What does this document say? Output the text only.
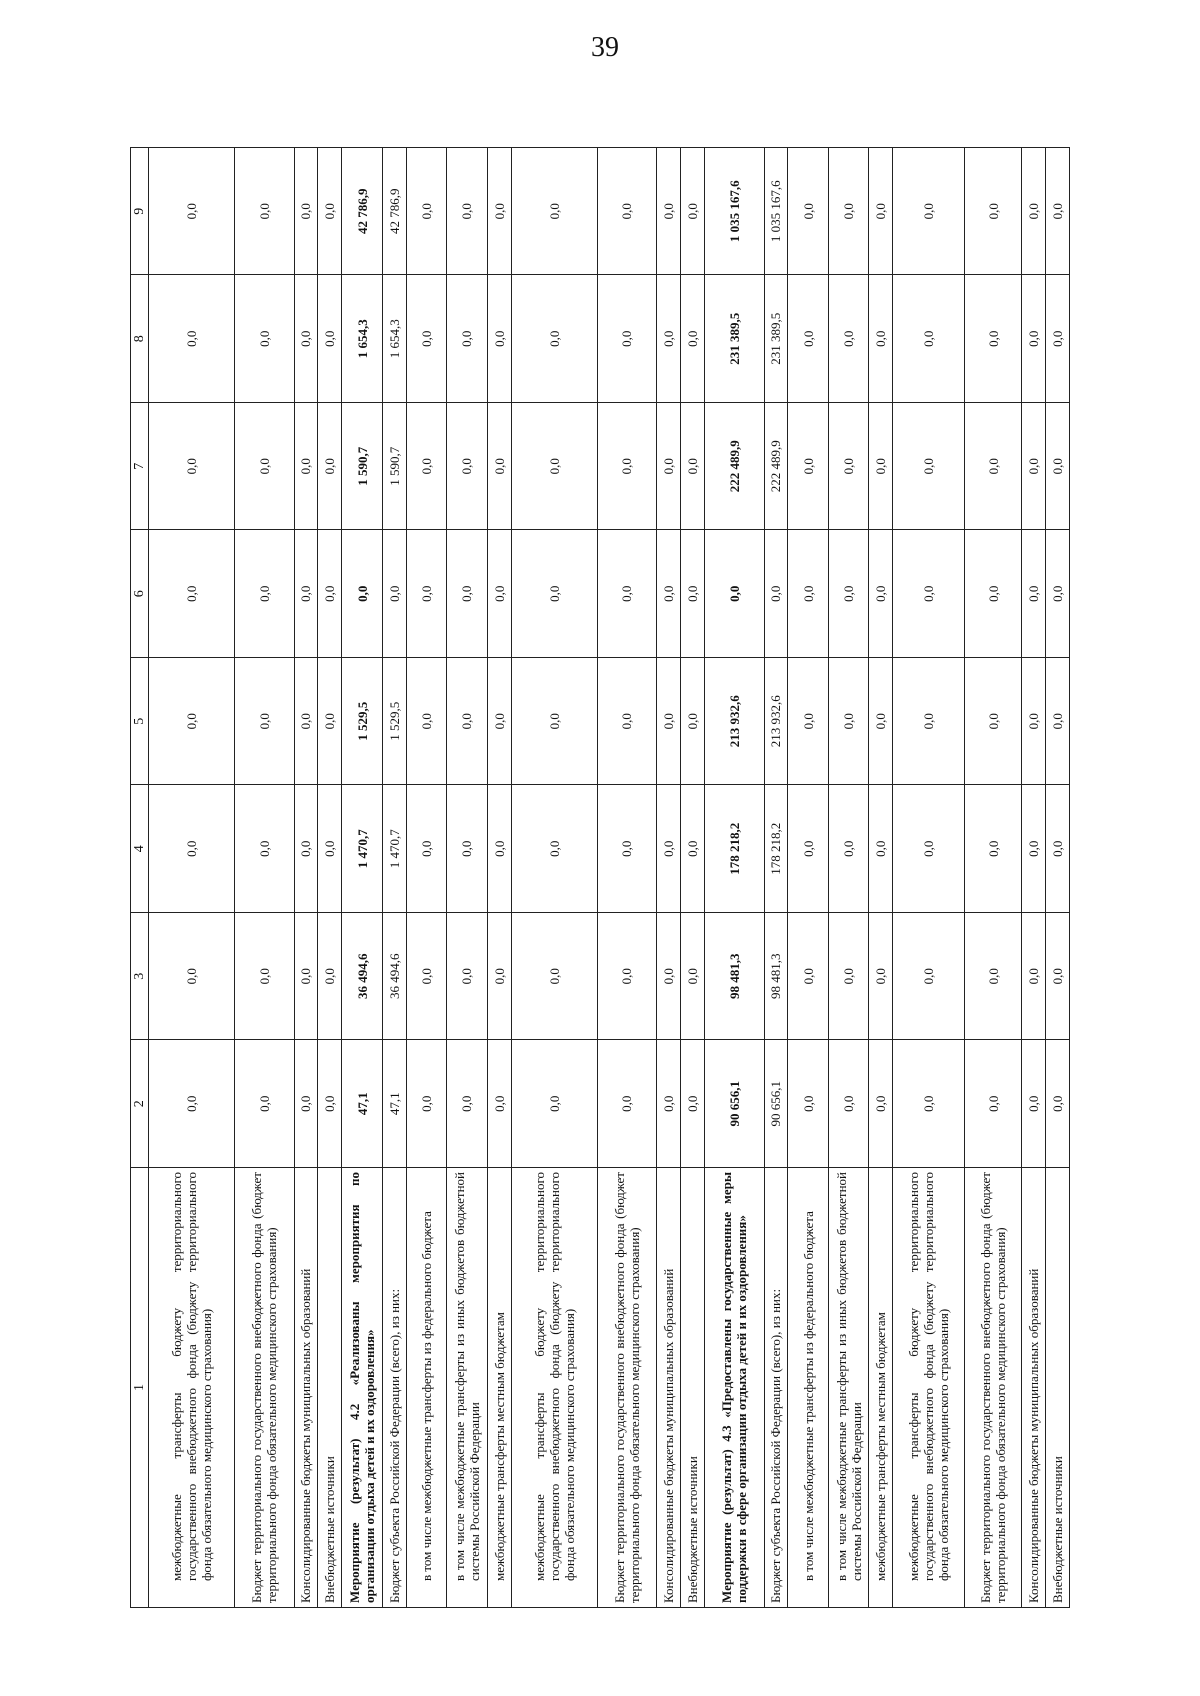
39
1	2	3	4	5	6	7	8	9
межбюджетные трансферты бюджету территориального государственного внебюджетного фонда (бюджету территориального фонда обязательного медицинского страхования)	0,0	0,0	0,0	0,0	0,0	0,0	0,0	0,0
Бюджет территориального государственного внебюджетного фонда (бюджет территориального фонда обязательного медицинского страхования)	0,0	0,0	0,0	0,0	0,0	0,0	0,0	0,0
Консолидированные бюджеты муниципальных образований	0,0	0,0	0,0	0,0	0,0	0,0	0,0	0,0
Внебюджетные источники	0,0	0,0	0,0	0,0	0,0	0,0	0,0	0,0
Мероприятие (результат) 4.2 «Реализованы мероприятия по организации отдыха детей и их оздоровления»	47,1	36 494,6	1 470,7	1 529,5	0,0	1 590,7	1 654,3	42 786,9
Бюджет субъекта Российской Федерации (всего), из них:	47,1	36 494,6	1 470,7	1 529,5	0,0	1 590,7	1 654,3	42 786,9
в том числе межбюджетные трансферты из федерального бюджета	0,0	0,0	0,0	0,0	0,0	0,0	0,0	0,0
в том числе межбюджетные трансферты из иных бюджетов бюджетной системы Российской Федерации	0,0	0,0	0,0	0,0	0,0	0,0	0,0	0,0
межбюджетные трансферты местным бюджетам	0,0	0,0	0,0	0,0	0,0	0,0	0,0	0,0
межбюджетные трансферты бюджету территориального государственного внебюджетного фонда (бюджету территориального фонда обязательного медицинского страхования)	0,0	0,0	0,0	0,0	0,0	0,0	0,0	0,0
Бюджет территориального государственного внебюджетного фонда (бюджет территориального фонда обязательного медицинского страхования)	0,0	0,0	0,0	0,0	0,0	0,0	0,0	0,0
Консолидированные бюджеты муниципальных образований	0,0	0,0	0,0	0,0	0,0	0,0	0,0	0,0
Внебюджетные источники	0,0	0,0	0,0	0,0	0,0	0,0	0,0	0,0
Мероприятие (результат) 4.3 «Предоставлены государственные меры поддержки в сфере организации отдыха детей и их оздоровления»	90 656,1	98 481,3	178 218,2	213 932,6	0,0	222 489,9	231 389,5	1 035 167,6
Бюджет субъекта Российской Федерации (всего), из них:	90 656,1	98 481,3	178 218,2	213 932,6	0,0	222 489,9	231 389,5	1 035 167,6
в том числе межбюджетные трансферты из федерального бюджета	0,0	0,0	0,0	0,0	0,0	0,0	0,0	0,0
в том числе межбюджетные трансферты из иных бюджетов бюджетной системы Российской Федерации	0,0	0,0	0,0	0,0	0,0	0,0	0,0	0,0
межбюджетные трансферты местным бюджетам	0,0	0,0	0,0	0,0	0,0	0,0	0,0	0,0
межбюджетные трансферты бюджету территориального государственного внебюджетного фонда (бюджету территориального фонда обязательного медицинского страхования)	0,0	0,0	0,0	0,0	0,0	0,0	0,0	0,0
Бюджет территориального государственного внебюджетного фонда (бюджет территориального фонда обязательного медицинского страхования)	0,0	0,0	0,0	0,0	0,0	0,0	0,0	0,0
Консолидированные бюджеты муниципальных образований	0,0	0,0	0,0	0,0	0,0	0,0	0,0	0,0
Внебюджетные источники	0,0	0,0	0,0	0,0	0,0	0,0	0,0	0,0
